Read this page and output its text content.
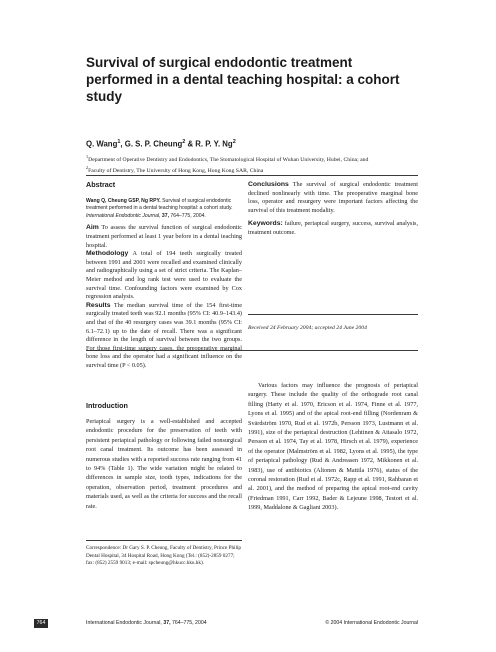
Survival of surgical endodontic treatment performed in a dental teaching hospital: a cohort study
Q. Wang$^1$, G. S. P. Cheung$^2$ & R. P. Y. Ng$^2$
$^1$Department of Operative Dentistry and Endodontics, The Stomatological Hospital of Wuhan University, Hubei, China; and
$^2$Faculty of Dentistry, The University of Hong Kong, Hong Kong SAR, China
Abstract
Wang Q, Cheung GSP, Ng RPY. Survival of surgical endodontic treatment performed in a dental teaching hospital: a cohort study. International Endodontic Journal, 37, 764–775, 2004.

Aim To assess the survival function of surgical endodontic treatment performed at least 1 year before in a dental teaching hospital.

Methodology A total of 194 teeth surgically treated between 1991 and 2001 were recalled and examined clinically and radiographically using a set of strict criteria. The Kaplan–Meier method and log rank test were used to evaluate the survival time. Confounding factors were examined by Cox regression analysis.

Results The median survival time of the 154 first-time surgically treated teeth was 92.1 months (95% CI: 40.9–143.4) and that of the 40 resurgery cases was 39.1 months (95% CI: 6.1–72.1) up to the date of recall. There was a significant difference in the length of survival between the two groups. For those first-time surgery cases, the preoperative marginal bone loss and the operator had a significant influence on the survival time (P < 0.05).

Conclusions The survival of surgical endodontic treatment declined nonlinearly with time. The preoperative marginal bone loss, operator and resurgery were important factors affecting the survival of this treatment modality.

Keywords: failure, periapical surgery, success, survival analysis, treatment outcome.

Received 24 February 2004; accepted 24 June 2004
Introduction

Periapical surgery is a well-established and accepted endodontic procedure for the preservation of teeth with persistent periapical pathology or following failed nonsurgical root canal treatment. Its outcome has been assessed in numerous studies with a reported success rate ranging from 41 to 94% (Table 1). The wide variation might be related to differences in sample size, tooth types, indications for the operation, observation period, treatment procedures and materials used, as well as the criteria for success and the recall rate.

Correspondence: Dr Gary S. P. Cheung, Faculty of Dentistry, Prince Philip Dental Hospital, 34 Hospital Road, Hong Kong (Tel.: (852)-2859 0277; fax: (852) 2559 9013; e-mail: spcheung@hkucc.hku.hk).

Various factors may influence the prognosis of periapical surgery. These include the quality of the orthograde root canal filling (Harty et al. 1970, Ericson et al. 1974, Finne et al. 1977, Lyons et al. 1995) and of the apical root-end filling (Nordenram & Svärdström 1970, Rud et al. 1972b, Persson 1973, Lustmann et al. 1991), size of the periapical destruction (Lehtinen & Aitasalo 1972, Persson et al. 1974, Tay et al. 1978, Hirsch et al. 1979), experience of the operator (Malmström et al. 1982, Lyons et al. 1995), the type of periapical pathology (Rud & Andreasen 1972, Mikkonen et al. 1983), use of antibiotics (Altonen & Mattila 1976), status of the coronal restoration (Rud et al. 1972c, Rapp et al. 1991, Rahbaran et al. 2001), and the method of preparing the apical root-end cavity (Friedman 1991, Carr 1992, Bader & Lejeune 1998, Testori et al. 1999, Maddalone & Gagliani 2003).

764	International Endodontic Journal, 37, 764–775, 2004	© 2004 International Endodontic Journal
